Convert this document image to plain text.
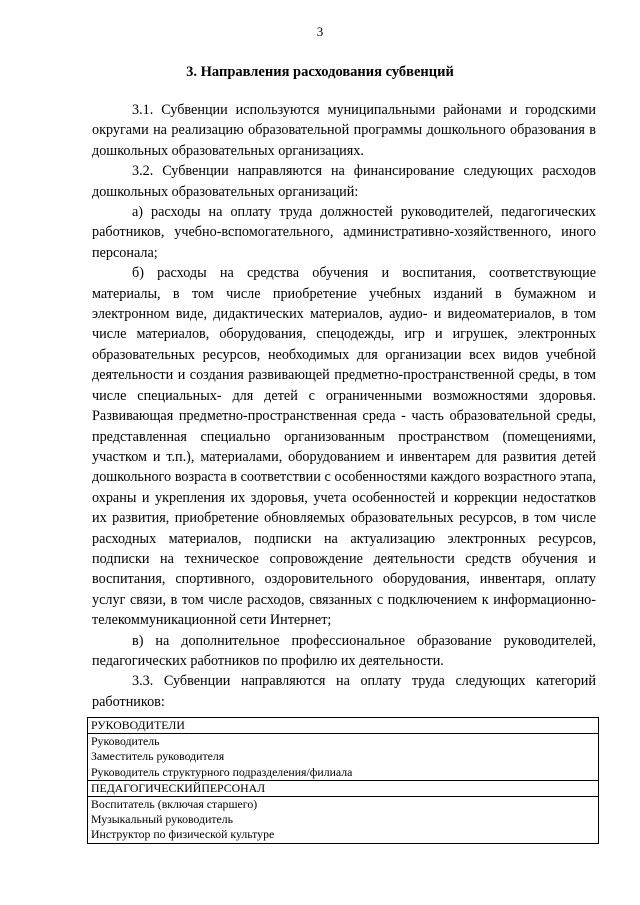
3
3. Направления расходования субвенций

3.1. Субвенции используются муниципальными районами и городскими округами на реализацию образовательной программы дошкольного образования в дошкольных образовательных организациях.

3.2. Субвенции направляются на финансирование следующих расходов дошкольных образовательных организаций:

а) расходы на оплату труда должностей руководителей, педагогических работников, учебно-вспомогательного, административно-хозяйственного, иного персонала;

б) расходы на средства обучения и воспитания, соответствующие материалы, в том числе приобретение учебных изданий в бумажном и электронном виде, дидактических материалов, аудио- и видеоматериалов, в том числе материалов, оборудования, спецодежды, игр и игрушек, электронных образовательных ресурсов, необходимых для организации всех видов учебной деятельности и создания развивающей предметно-пространственной среды, в том числе специальных- для детей с ограниченными возможностями здоровья. Развивающая предметно-пространственная среда - часть образовательной среды, представленная специально организованным пространством (помещениями, участком и т.п.), материалами, оборудованием и инвентарем для развития детей дошкольного возраста в соответствии с особенностями каждого возрастного этапа, охраны и укрепления их здоровья, учета особенностей и коррекции недостатков их развития, приобретение обновляемых образовательных ресурсов, в том числе расходных материалов, подписки на актуализацию электронных ресурсов, подписки на техническое сопровождение деятельности средств обучения и воспитания, спортивного, оздоровительного оборудования, инвентаря, оплату услуг связи, в том числе расходов, связанных с подключением к информационно-телекоммуникационной сети Интернет;

в) на дополнительное профессиональное образование руководителей, педагогических работников по профилю их деятельности.

3.3. Субвенции направляются на оплату труда следующих категорий работников:

РУКОВОДИТЕЛИ
Руководитель
Заместитель руководителя
Руководитель структурного подразделения/филиала
ПЕДАГОГИЧЕСКИЙПЕРСОНАЛ
Воспитатель (включая старшего)
Музыкальный руководитель
Инструктор по физической культуре
